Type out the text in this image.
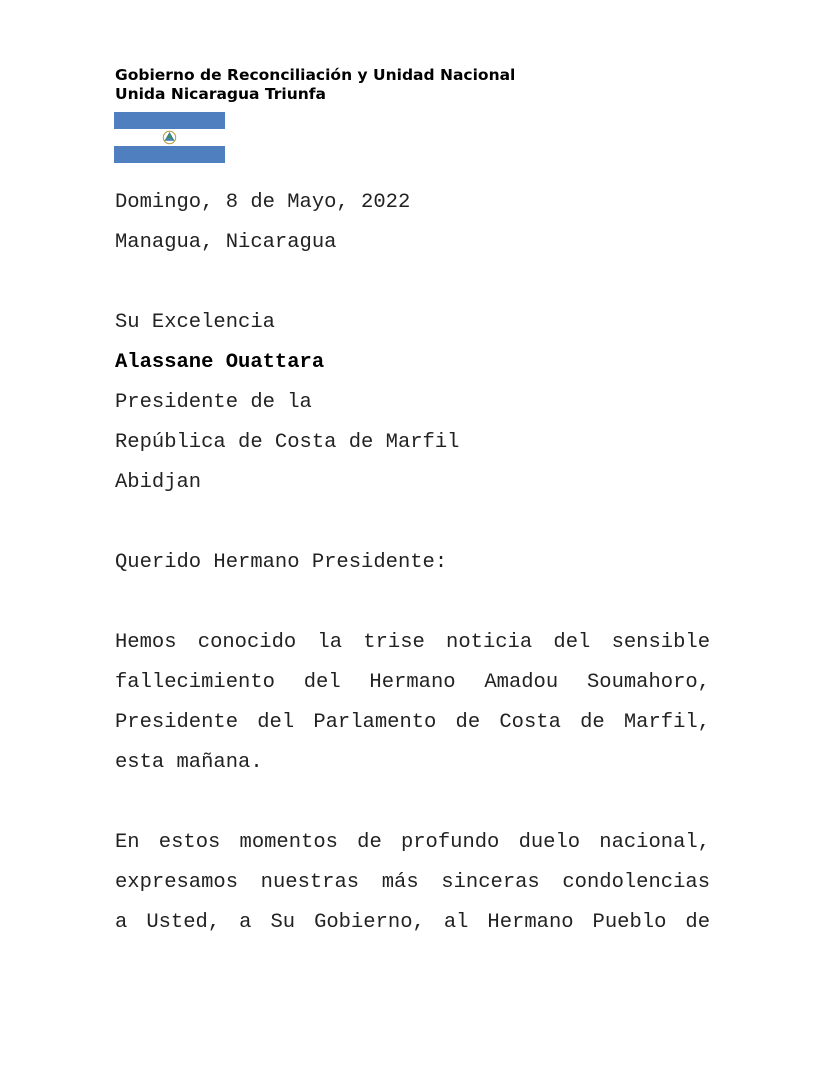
Gobierno de Reconciliación y Unidad Nacional
Unida Nicaragua Triunfa
Domingo, 8 de Mayo, 2022
Managua, Nicaragua
Su Excelencia
Alassane Ouattara
Presidente de la
República de Costa de Marfil
Abidjan
Querido Hermano Presidente:
Hemos conocido la trise noticia del sensible
fallecimiento del Hermano Amadou Soumahoro,
Presidente del Parlamento de Costa de Marfil,
esta mañana.
En estos momentos de profundo duelo nacional,
expresamos nuestras más sinceras condolencias
a Usted, a Su Gobierno, al Hermano Pueblo de
